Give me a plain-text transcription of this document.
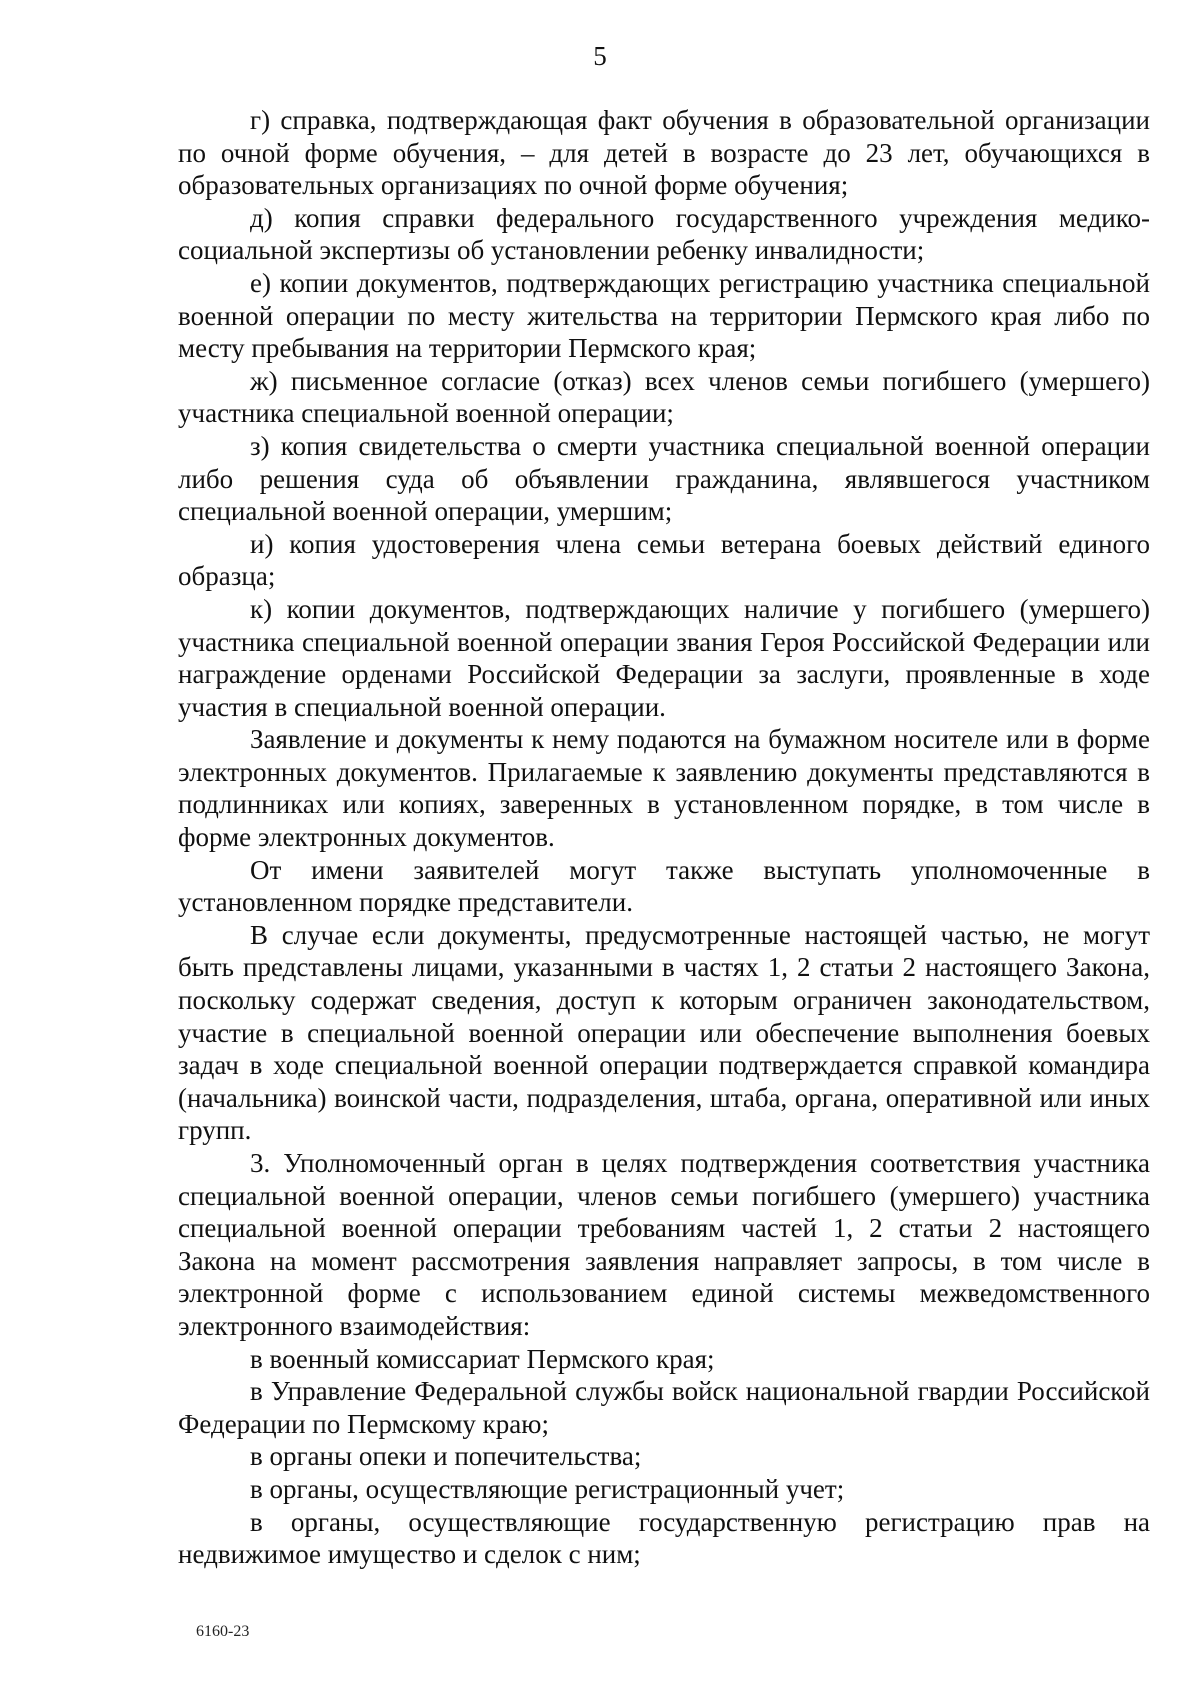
5

г) справка, подтверждающая факт обучения в образовательной организации по очной форме обучения, – для детей в возрасте до 23 лет, обучающихся в образовательных организациях по очной форме обучения;

д) копия справки федерального государственного учреждения медико-социальной экспертизы об установлении ребенку инвалидности;

е) копии документов, подтверждающих регистрацию участника специальной военной операции по месту жительства на территории Пермского края либо по месту пребывания на территории Пермского края;

ж) письменное согласие (отказ) всех членов семьи погибшего (умершего) участника специальной военной операции;

з) копия свидетельства о смерти участника специальной военной операции либо решения суда об объявлении гражданина, являвшегося участником специальной военной операции, умершим;

и) копия удостоверения члена семьи ветерана боевых действий единого образца;

к) копии документов, подтверждающих наличие у погибшего (умершего) участника специальной военной операции звания Героя Российской Федерации или награждение орденами Российской Федерации за заслуги, проявленные в ходе участия в специальной военной операции.

Заявление и документы к нему подаются на бумажном носителе или в форме электронных документов. Прилагаемые к заявлению документы представляются в подлинниках или копиях, заверенных в установленном порядке, в том числе в форме электронных документов.

От имени заявителей могут также выступать уполномоченные в установленном порядке представители.

В случае если документы, предусмотренные настоящей частью, не могут быть представлены лицами, указанными в частях 1, 2 статьи 2 настоящего Закона, поскольку содержат сведения, доступ к которым ограничен законодательством, участие в специальной военной операции или обеспечение выполнения боевых задач в ходе специальной военной операции подтверждается справкой командира (начальника) воинской части, подразделения, штаба, органа, оперативной или иных групп.

3. Уполномоченный орган в целях подтверждения соответствия участника специальной военной операции, членов семьи погибшего (умершего) участника специальной военной операции требованиям частей 1, 2 статьи 2 настоящего Закона на момент рассмотрения заявления направляет запросы, в том числе в электронной форме с использованием единой системы межведомственного электронного взаимодействия:

в военный комиссариат Пермского края;

в Управление Федеральной службы войск национальной гвардии Российской Федерации по Пермскому краю;

в органы опеки и попечительства;

в органы, осуществляющие регистрационный учет;

в органы, осуществляющие государственную регистрацию прав на недвижимое имущество и сделок с ним;

6160-23
